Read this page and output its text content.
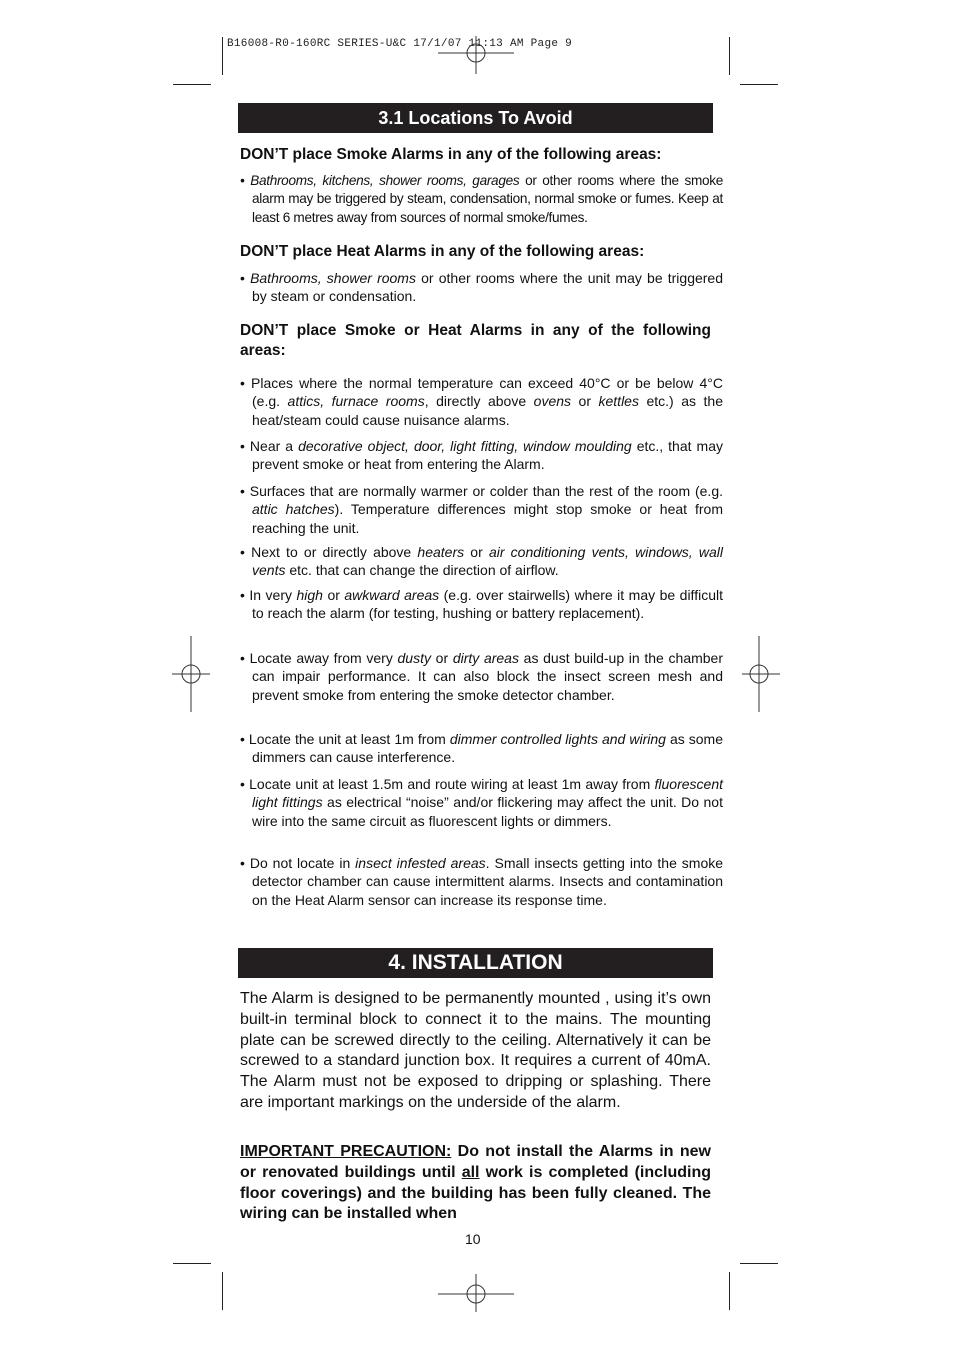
B16008-R0-160RC SERIES-U&C 17/1/07 11:13 AM Page 9
3.1 Locations To Avoid

DON’T place Smoke Alarms in any of the following areas:

• Bathrooms, kitchens, shower rooms, garages or other rooms where the smoke alarm may be triggered by steam, condensation, normal smoke or fumes. Keep at least 6 metres away from sources of normal smoke/fumes.

DON’T place Heat Alarms in any of the following areas:

• Bathrooms, shower rooms or other rooms where the unit may be triggered by steam or condensation.

DON’T place Smoke or Heat Alarms in any of the following areas:

• Places where the normal temperature can exceed 40°C or be below 4°C (e.g. attics, furnace rooms, directly above ovens or kettles etc.) as the heat/steam could cause nuisance alarms.

• Near a decorative object, door, light fitting, window moulding etc., that may prevent smoke or heat from entering the Alarm.

• Surfaces that are normally warmer or colder than the rest of the room (e.g. attic hatches). Temperature differences might stop smoke or heat from reaching the unit.

• Next to or directly above heaters or air conditioning vents, windows, wall vents etc. that can change the direction of airflow.

• In very high or awkward areas (e.g. over stairwells) where it may be difficult to reach the alarm (for testing, hushing or battery replacement).

• Locate away from very dusty or dirty areas as dust build-up in the chamber can impair performance. It can also block the insect screen mesh and prevent smoke from entering the smoke detector chamber.

• Locate the unit at least 1m from dimmer controlled lights and wiring as some dimmers can cause interference.

• Locate unit at least 1.5m and route wiring at least 1m away from fluorescent light fittings as electrical “noise” and/or flickering may affect the unit. Do not wire into the same circuit as fluorescent lights or dimmers.

• Do not locate in insect infested areas. Small insects getting into the smoke detector chamber can cause intermittent alarms. Insects and contamination on the Heat Alarm sensor can increase its response time.

4. INSTALLATION

The Alarm is designed to be permanently mounted , using it’s own built-in terminal block to connect it to the mains. The mounting plate can be screwed directly to the ceiling. Alternatively it can be screwed to a standard junction box. It requires a current of 40mA. The Alarm must not be exposed to dripping or splashing. There are important markings on the underside of the alarm.

IMPORTANT PRECAUTION: Do not install the Alarms in new or renovated buildings until all work is completed (including floor coverings) and the building has been fully cleaned. The wiring can be installed when

10
